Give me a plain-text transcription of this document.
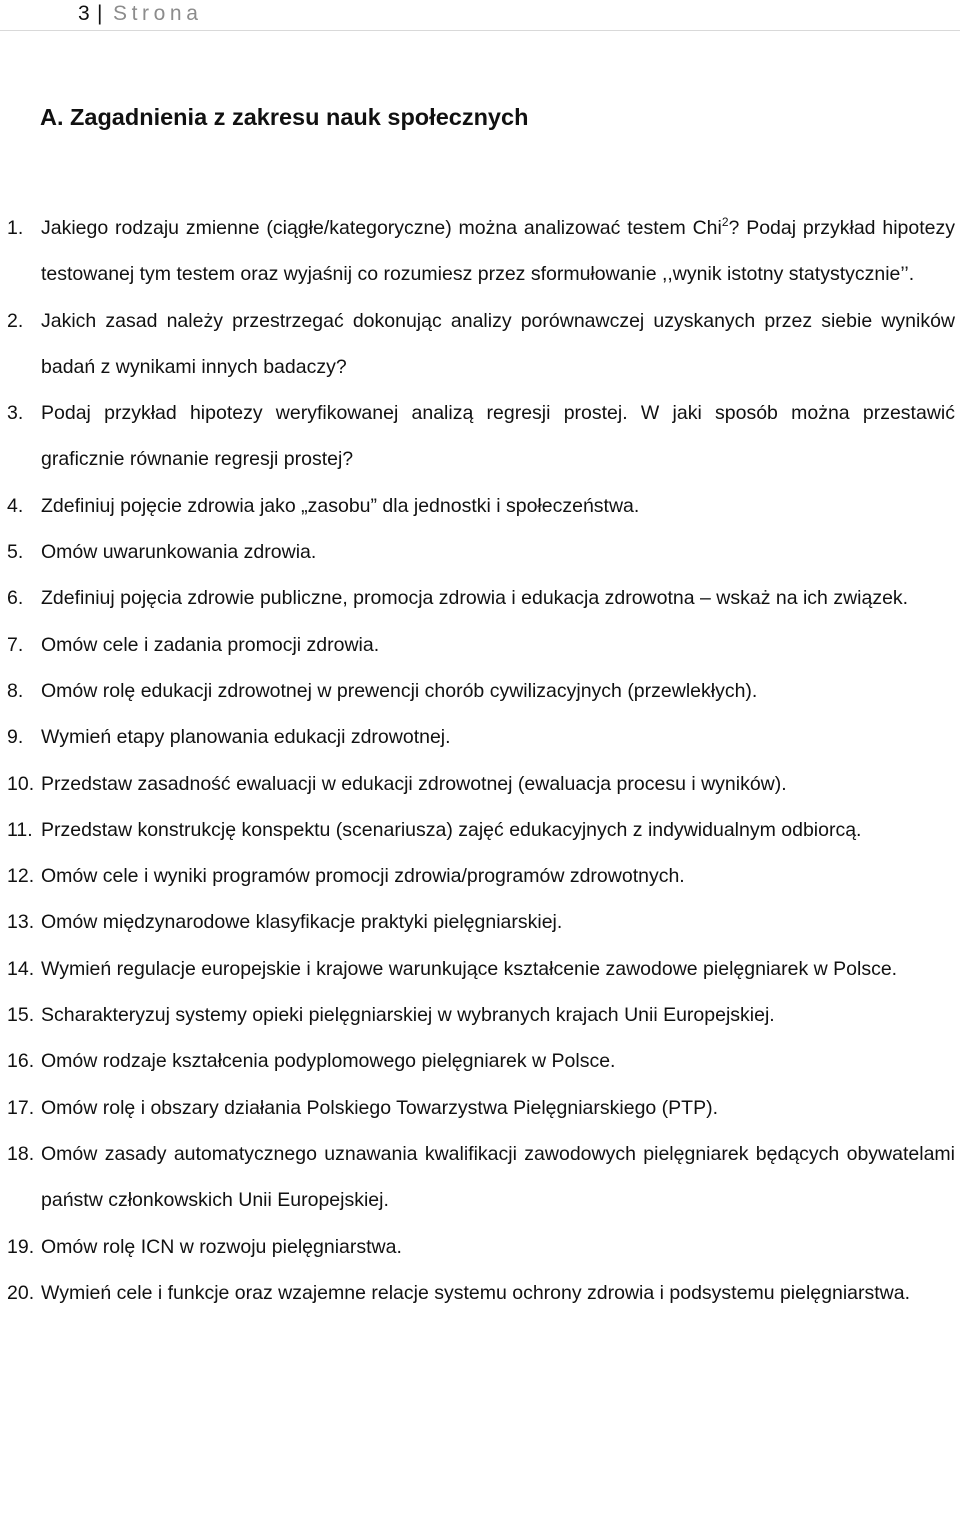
3 | Strona
A. Zagadnienia z zakresu nauk społecznych
1. Jakiego rodzaju zmienne (ciągłe/kategoryczne) można analizować testem Chi$^2$? Podaj przykład hipotezy testowanej tym testem oraz wyjaśnij co rozumiesz przez sformułowanie ,,wynik istotny statystycznie’’.
2. Jakich zasad należy przestrzegać dokonując analizy porównawczej uzyskanych przez siebie wyników badań z wynikami innych badaczy?
3. Podaj przykład hipotezy weryfikowanej analizą regresji prostej. W jaki sposób można przestawić graficznie równanie regresji prostej?
4. Zdefiniuj pojęcie zdrowia jako „zasobu” dla jednostki i społeczeństwa.
5. Omów uwarunkowania zdrowia.
6. Zdefiniuj pojęcia zdrowie publiczne, promocja zdrowia i edukacja zdrowotna – wskaż na ich związek.
7. Omów cele i zadania promocji zdrowia.
8. Omów rolę edukacji zdrowotnej w prewencji chorób cywilizacyjnych (przewlekłych).
9. Wymień etapy planowania edukacji zdrowotnej.
10. Przedstaw zasadność ewaluacji w edukacji zdrowotnej (ewaluacja procesu i wyników).
11. Przedstaw konstrukcję konspektu (scenariusza) zajęć edukacyjnych z indywidualnym odbiorcą.
12. Omów cele i wyniki programów promocji zdrowia/programów zdrowotnych.
13. Omów międzynarodowe klasyfikacje praktyki pielęgniarskiej.
14. Wymień regulacje europejskie i krajowe warunkujące kształcenie zawodowe pielęgniarek w Polsce.
15. Scharakteryzuj systemy opieki pielęgniarskiej w wybranych krajach Unii Europejskiej.
16. Omów rodzaje kształcenia podyplomowego pielęgniarek w Polsce.
17. Omów rolę i obszary działania Polskiego Towarzystwa Pielęgniarskiego (PTP).
18. Omów zasady automatycznego uznawania kwalifikacji zawodowych pielęgniarek będących obywatelami państw członkowskich Unii Europejskiej.
19. Omów rolę ICN w rozwoju pielęgniarstwa.
20. Wymień cele i funkcje oraz wzajemne relacje systemu ochrony zdrowia i podsystemu pielęgniarstwa.
